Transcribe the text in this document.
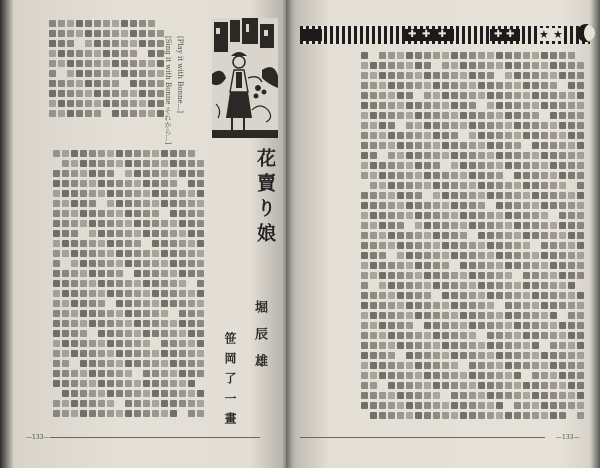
花賣り娘
堀辰雄
笹岡了一畫
[Play it with Bonne...]
[Sing it with Bonne それから...]
✚ ✚ ✚	✚ ✚ ★ ★
—133—	—133—
